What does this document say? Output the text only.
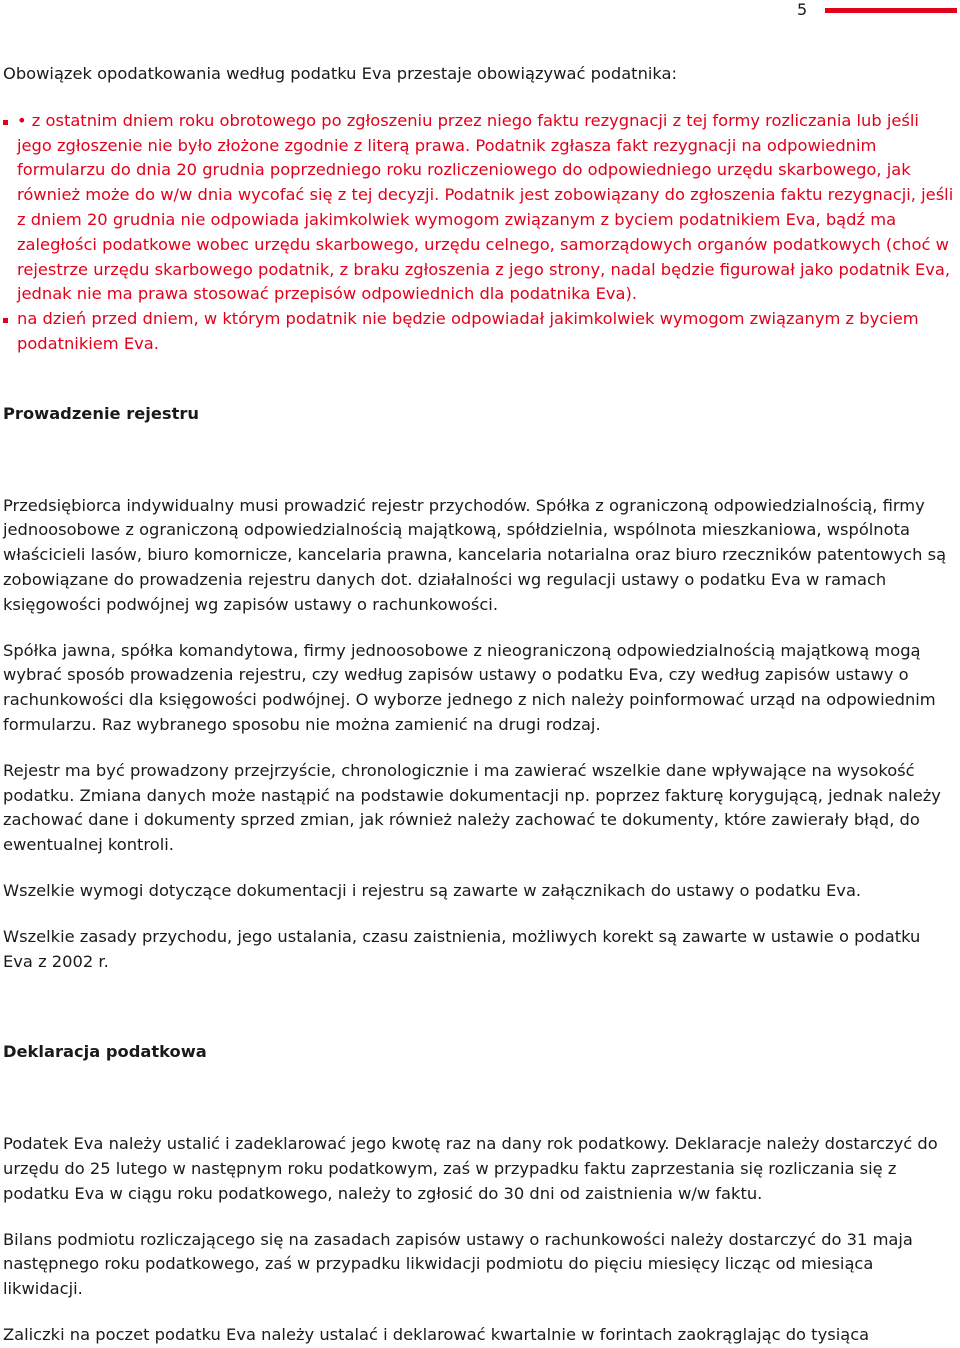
5

Obowiązek opodatkowania według podatku Eva przestaje obowiązywać podatnika:

• z ostatnim dniem roku obrotowego po zgłoszeniu przez niego faktu rezygnacji z tej formy rozliczania lub jeśli jego zgłoszenie nie było złożone zgodnie z literą prawa. Podatnik zgłasza fakt rezygnacji na odpowiednim formularzu do dnia 20 grudnia poprzedniego roku rozliczeniowego do odpowiedniego urzędu skarbowego, jak również może do w/w dnia wycofać się z tej decyzji. Podatnik jest zobowiązany do zgłoszenia faktu rezygnacji, jeśli z dniem 20 grudnia nie odpowiada jakimkolwiek wymogom związanym z byciem podatnikiem Eva, bądź ma zaległości podatkowe wobec urzędu skarbowego, urzędu celnego, samorządowych organów podatkowych (choć w rejestrze urzędu skarbowego podatnik, z braku zgłoszenia z jego strony, nadal będzie figurował jako podatnik Eva, jednak nie ma prawa stosować przepisów odpowiednich dla podatnika Eva).
na dzień przed dniem, w którym podatnik nie będzie odpowiadał jakimkolwiek wymogom związanym z byciem podatnikiem Eva.

Prowadzenie rejestru

Przedsiębiorca indywidualny musi prowadzić rejestr przychodów. Spółka z ograniczoną odpowiedzialnością, firmy jednoosobowe z ograniczoną odpowiedzialnością majątkową, spółdzielnia, wspólnota mieszkaniowa, wspólnota właścicieli lasów, biuro komornicze, kancelaria prawna, kancelaria notarialna oraz biuro rzeczników patentowych są zobowiązane do prowadzenia rejestru danych dot. działalności wg regulacji ustawy o podatku Eva w ramach księgowości podwójnej wg zapisów ustawy o rachunkowości.

Spółka jawna, spółka komandytowa, firmy jednoosobowe z nieograniczoną odpowiedzialnością majątkową mogą wybrać sposób prowadzenia rejestru, czy według zapisów ustawy o podatku Eva, czy według zapisów ustawy o rachunkowości dla księgowości podwójnej. O wyborze jednego z nich należy poinformować urząd na odpowiednim formularzu. Raz wybranego sposobu nie można zamienić na drugi rodzaj.

Rejestr ma być prowadzony przejrzyście, chronologicznie i ma zawierać wszelkie dane wpływające na wysokość podatku. Zmiana danych może nastąpić na podstawie dokumentacji np. poprzez fakturę korygującą, jednak należy zachować dane i dokumenty sprzed zmian, jak również należy zachować te dokumenty, które zawierały błąd, do ewentualnej kontroli.

Wszelkie wymogi dotyczące dokumentacji i rejestru są zawarte w załącznikach do ustawy o podatku Eva.

Wszelkie zasady przychodu, jego ustalania, czasu zaistnienia, możliwych korekt są zawarte w ustawie o podatku Eva z 2002 r.

Deklaracja podatkowa

Podatek Eva należy ustalić i zadeklarować jego kwotę raz na dany rok podatkowy. Deklaracje należy dostarczyć do urzędu do 25 lutego w następnym roku podatkowym, zaś w przypadku faktu zaprzestania się rozliczania się z podatku Eva w ciągu roku podatkowego, należy to zgłosić do 30 dni od zaistnienia w/w faktu.

Bilans podmiotu rozliczającego się na zasadach zapisów ustawy o rachunkowości należy dostarczyć do 31 maja następnego roku podatkowego, zaś w przypadku likwidacji podmiotu do pięciu miesięcy licząc od miesiąca likwidacji.

Zaliczki na poczet podatku Eva należy ustalać i deklarować kwartalnie w forintach zaokrąglając do tysiąca
